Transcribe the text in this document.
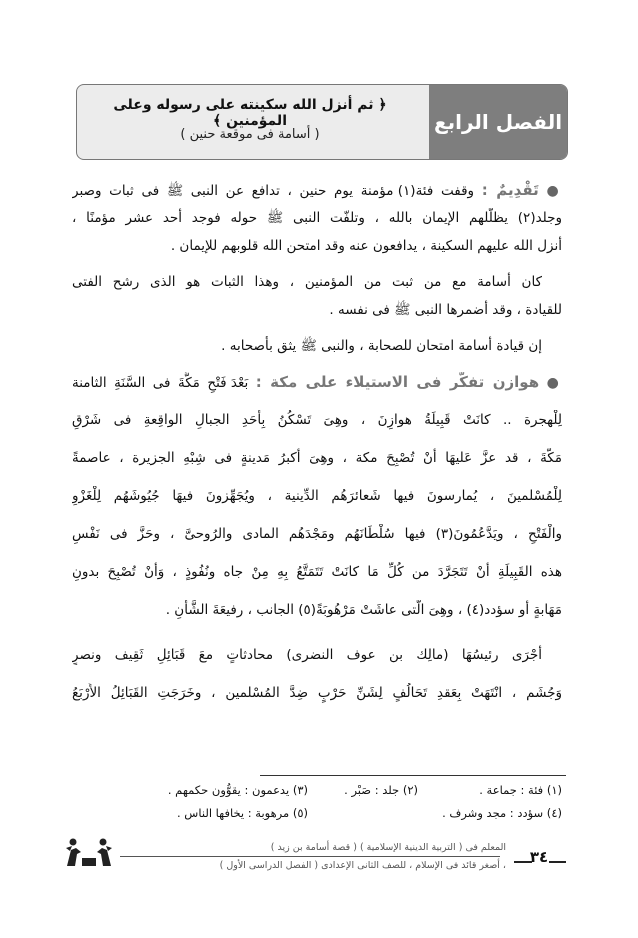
الفصل الرابع
﴿ ثم أنزل الله سكينته على رسوله وعلى المؤمنين ﴾
( أسامة فى موقعة حنين )
● تَقْدِيمٌ : وقفت فئة(١) مؤمنة يوم حنين ، تدافع عن النبى ﷺ فى ثبات وصبر
وجلد(٢) يظلّلهم الإيمان بالله ، وتلفّت النبى ﷺ حوله فوجد أحد عشر مؤمنًا ،
أنزل الله عليهم السكينة ، يدافعون عنه وقد امتحن الله قلوبهم للإيمان .
كان أسامة مع من ثبت من المؤمنين ، وهذا الثبات هو الذى رشح الفتى
للقيادة ، وقد أضمرها النبى ﷺ فى نفسه .
إن قيادة أسامة امتحان للصحابة ، والنبى ﷺ يثق بأصحابه .
● هوازن تفكّر فى الاستيلاء على مكة : بَعْدَ فَتْحِ مَكَّةَ فى السَّنَةِ الثامنة
لِلْهجرة .. كانَتْ قَبِيلَةُ هوازِنَ ، وهِىَ تَسْكُنُ بِأَحَدِ الجبالِ الواقِعةِ فى شَرْقِ
مَكَّةَ ، قد عزَّ عَليهَا أَنْ تُصْبِحَ مكة ، وهِىَ أَكبرُ مَدينةٍ فى شِبْهِ الجزيرة ، عاصمةً
لِلْمُسْلمينَ ، يُمارسونَ فيها شَعائرَهُم الدِّينية ، ويُجَهِّزونَ فيهَا جُيُوشَهُم لِلْغَزْوِ
والْفَتْحِ ، ويَدَّعُمُونَ(٣) فيها سُلْطَانَهُم ومَجْدَهُم المادى والرُوحىَّ ، وحَزَّ فى نَفْسِ
هذه القَبِيلَةِ أَنْ تَتَجَرَّدَ من كُلِّ مَا كانَتْ تَتَمَتَّعُ بِهِ مِنْ جاه ونُفُوذٍ ، وَأَنْ تُصْبِحَ بدونِ
مَهَابةٍ أو سؤدد(٤) ، وهِىَ الَّتى عاشَتْ مَرْهُوبَةً(٥) الجانب ، رفيعَةَ الشَّأْنِ .
أَجْرَى رئيسُهَا (مالِك بن عوف النضرى) محادثاتٍ معَ قَبَائِلِ ثَقِيف ونصرٍ
وَجُشَم ، انْتَهَتْ بِعَقدِ تَحَالُفٍ لِشَنِّ حَرْبٍ ضِدَّ المُسْلمين ، وخَرَجَتِ القَبَائِلُ الأَرْبَعُ
(١) فئة : جماعة .
(٢) جلد : صَبْر .
(٣) يدعمون : يقوُّون حكمهم .
(٤) سؤدد : مجد وشرف .
(٥) مرهوبة : يخافها الناس .
٣٤
المعلم فى ( التربية الدينية الإسلامية ) ( قصة أسامة بن زيد )
، أصغر قائد فى الإسلام ، للصف الثانى الإعدادى ( الفصل الدراسى الأول )
